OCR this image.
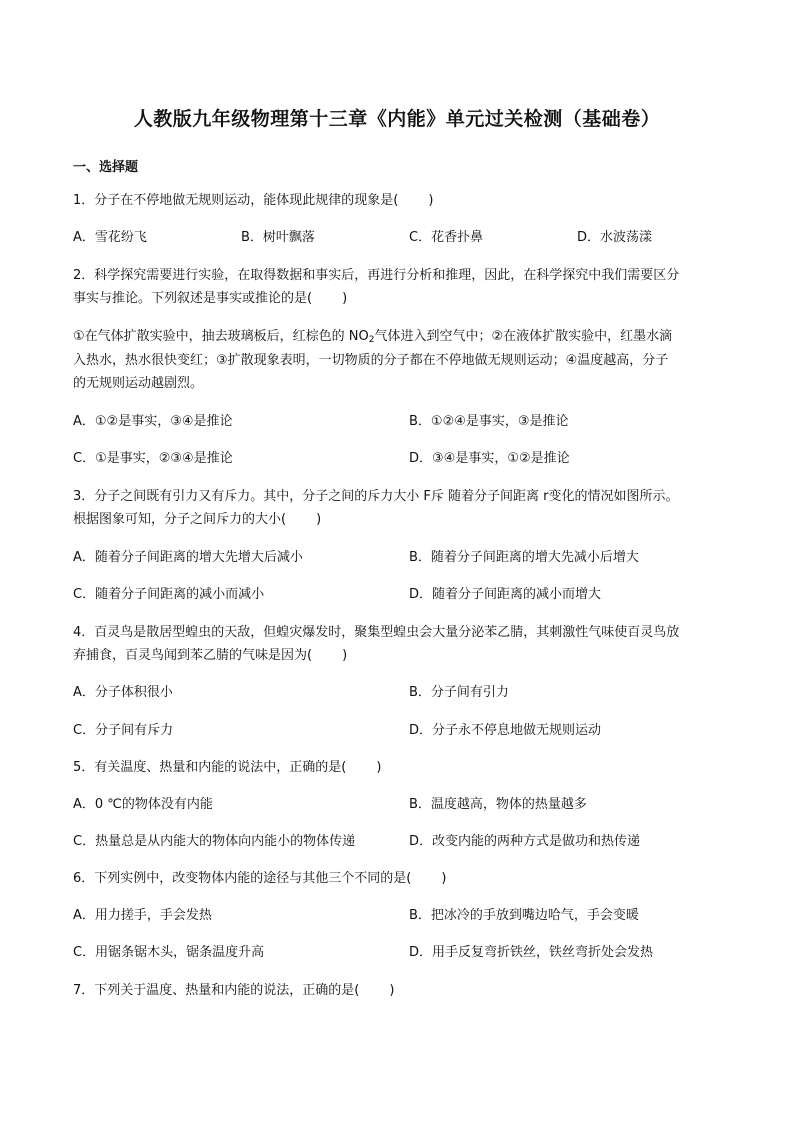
人教版九年级物理第十三章《内能》单元过关检测（基础卷）
一、选择题
1．分子在不停地做无规则运动，能体现此规律的现象是( )
A．雪花纷飞	B．树叶飘落	C．花香扑鼻	D．水波荡漾
2．科学探究需要进行实验，在取得数据和事实后，再进行分析和推理，因此，在科学探究中我们需要区分
事实与推论。下列叙述是事实或推论的是( )
①在气体扩散实验中，抽去玻璃板后，红棕色的 $NO_2$气体进入到空气中；②在液体扩散实验中，红墨水滴
入热水，热水很快变红；③扩散现象表明，一切物质的分子都在不停地做无规则运动；④温度越高，分子
的无规则运动越剧烈。
A．①②是事实，③④是推论	B．①②④是事实，③是推论
C．①是事实，②③④是推论	D．③④是事实，①②是推论
3．分子之间既有引力又有斥力。其中，分子之间的斥力大小 F斥 随着分子间距离 r变化的情况如图所示。
根据图象可知，分子之间斥力的大小( )
A．随着分子间距离的增大先增大后减小	B．随着分子间距离的增大先减小后增大
C．随着分子间距离的减小而减小	D．随着分子间距离的减小而增大
4．百灵鸟是散居型蝗虫的天敌，但蝗灾爆发时，聚集型蝗虫会大量分泌苯乙腈，其刺激性气味使百灵鸟放
弃捕食，百灵鸟闻到苯乙腈的气味是因为( )
A．分子体积很小	B．分子间有引力
C．分子间有斥力	D．分子永不停息地做无规则运动
5．有关温度、热量和内能的说法中，正确的是( )
A．0 ℃的物体没有内能	B．温度越高，物体的热量越多
C．热量总是从内能大的物体向内能小的物体传递	D．改变内能的两种方式是做功和热传递
6．下列实例中，改变物体内能的途径与其他三个不同的是( )
A．用力搓手，手会发热	B．把冰冷的手放到嘴边哈气，手会变暖
C．用锯条锯木头，锯条温度升高	D．用手反复弯折铁丝，铁丝弯折处会发热
7．下列关于温度、热量和内能的说法，正确的是( )
